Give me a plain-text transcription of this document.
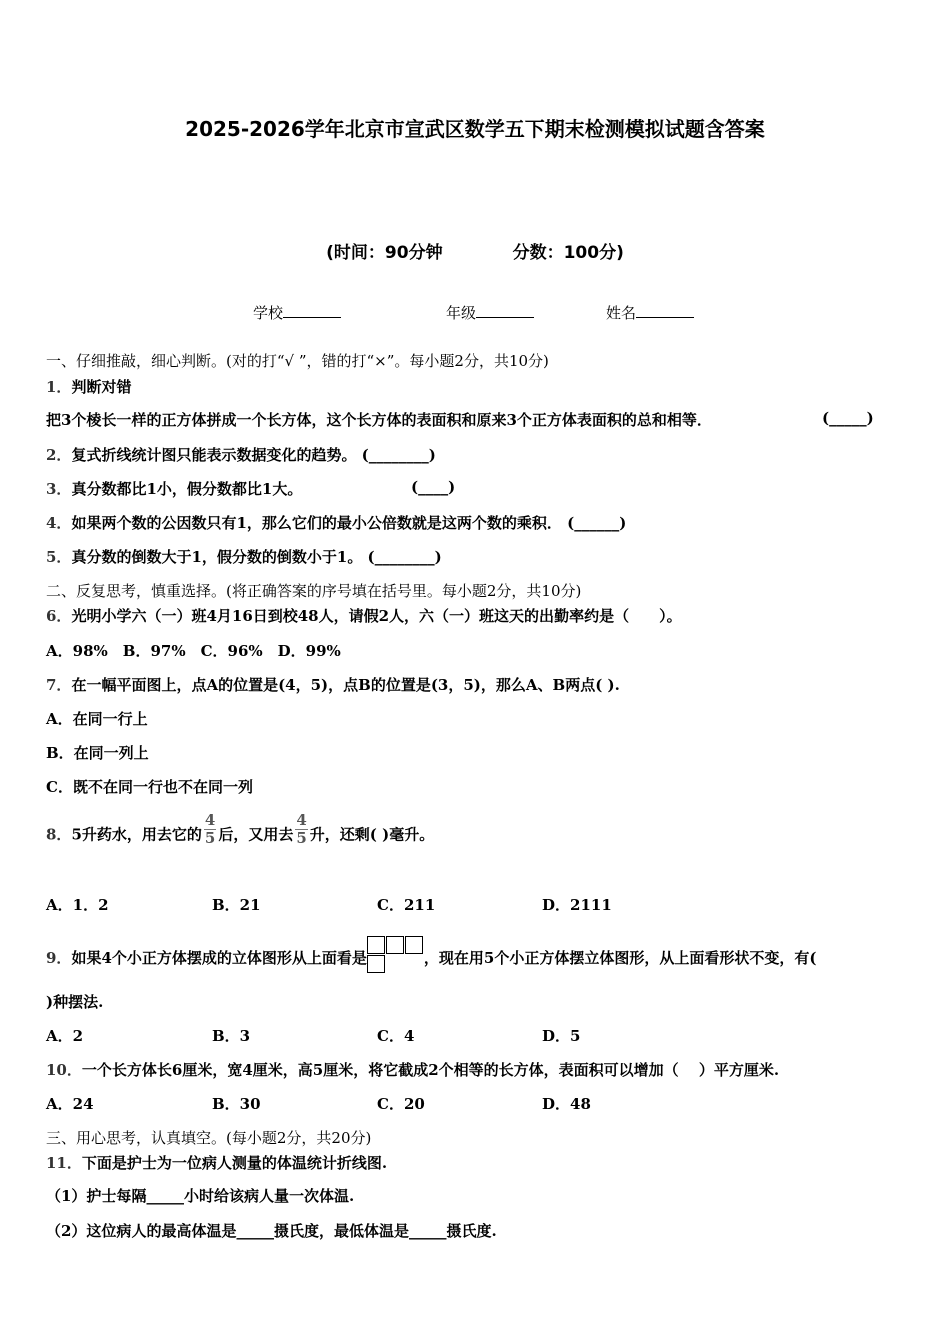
2025-2026学年北京市宣武区数学五下期末检测模拟试题含答案
(时间：90分钟	分数：100分)
学校	年级	姓名
一、仔细推敲，细心判断。(对的打“√ ”，错的打“×”。每小题2分，共10分)
1．判断对错
把3个棱长一样的正方体拼成一个长方体，这个长方体的表面积和原来3个正方体表面积的总和相等．	(_____)
2．复式折线统计图只能表示数据变化的趋势。 (________)
3．真分数都比1小，假分数都比1大。	(____)
4．如果两个数的公因数只有1，那么它们的最小公倍数就是这两个数的乘积． (______)
5．真分数的倒数大于1，假分数的倒数小于1。 (________)
二、反复思考，慎重选择。(将正确答案的序号填在括号里。每小题2分，共10分)
6．光明小学六（一）班4月16日到校48人，请假2人，六（一）班这天的出勤率约是（　　）。
A．98%　B．97%　C．96%　D．99%
7．在一幅平面图上，点A的位置是(4，5)，点B的位置是(3，5)，那么A、B两点( ).
A．在同一行上
B．在同一列上
C．既不在同一行也不在同一列
8．5升药水，用去它的 $\frac{4}{5}$ 后，又用去 $\frac{4}{5}$ 升，还剩( )毫升。
A．1．2	B．21	C．211	D．2111
9．如果4个小正方体摆成的立体图形从上面看是	，现在用5个小正方体摆立体图形，从上面看形状不变，有(
)种摆法.
A．2	B．3	C．4	D．5
10．一个长方体长6厘米，宽4厘米，高5厘米，将它截成2个相等的长方体，表面积可以增加（　 ）平方厘米.
A．24	B．30	C．20	D．48
三、用心思考，认真填空。(每小题2分，共20分)
11．下面是护士为一位病人测量的体温统计折线图.
（1）护士每隔_____小时给该病人量一次体温.
（2）这位病人的最高体温是_____摄氏度，最低体温是_____摄氏度.
